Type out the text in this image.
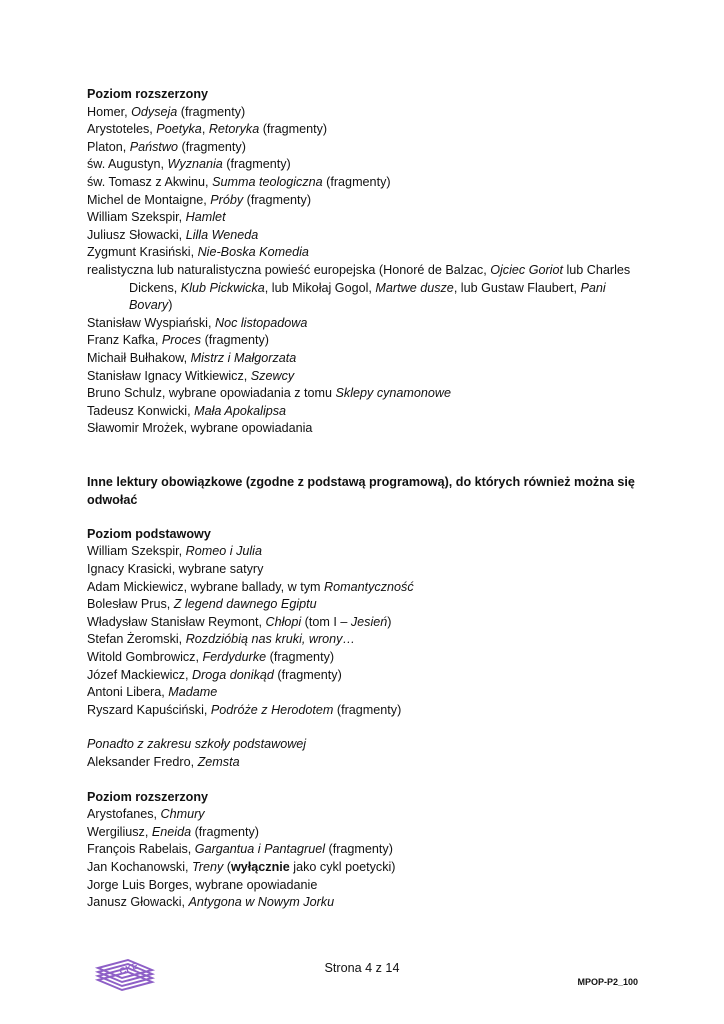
Poziom rozszerzony
Homer, Odyseja (fragmenty)
Arystoteles, Poetyka, Retoryka (fragmenty)
Platon, Państwo (fragmenty)
św. Augustyn, Wyznania (fragmenty)
św. Tomasz z Akwinu, Summa teologiczna (fragmenty)
Michel de Montaigne, Próby (fragmenty)
William Szekspir, Hamlet
Juliusz Słowacki, Lilla Weneda
Zygmunt Krasiński, Nie-Boska Komedia
realistyczna lub naturalistyczna powieść europejska (Honoré de Balzac, Ojciec Goriot lub Charles Dickens, Klub Pickwicka, lub Mikołaj Gogol, Martwe dusze, lub Gustaw Flaubert, Pani Bovary)
Stanisław Wyspiański, Noc listopadowa
Franz Kafka, Proces (fragmenty)
Michaił Bułhakow, Mistrz i Małgorzata
Stanisław Ignacy Witkiewicz, Szewcy
Bruno Schulz, wybrane opowiadania z tomu Sklepy cynamonowe
Tadeusz Konwicki, Mała Apokalipsa
Sławomir Mrożek, wybrane opowiadania
Inne lektury obowiązkowe (zgodne z podstawą programową), do których również można się odwołać
Poziom podstawowy
William Szekspir, Romeo i Julia
Ignacy Krasicki, wybrane satyry
Adam Mickiewicz, wybrane ballady, w tym Romantyczność
Bolesław Prus, Z legend dawnego Egiptu
Władysław Stanisław Reymont, Chłopi (tom I – Jesień)
Stefan Żeromski, Rozdzióbią nas kruki, wrony…
Witold Gombrowicz, Ferdydurke (fragmenty)
Józef Mackiewicz, Droga donikąd (fragmenty)
Antoni Libera, Madame
Ryszard Kapuściński, Podróże z Herodotem (fragmenty)
Ponadto z zakresu szkoły podstawowej
Aleksander Fredro, Zemsta
Poziom rozszerzony
Arystofanes, Chmury
Wergiliusz, Eneida (fragmenty)
François Rabelais, Gargantua i Pantagruel (fragmenty)
Jan Kochanowski, Treny (wyłącznie jako cykl poetycki)
Jorge Luis Borges, wybrane opowiadanie
Janusz Głowacki, Antygona w Nowym Jorku
CKE	Strona 4 z 14
MPOP-P2_100
